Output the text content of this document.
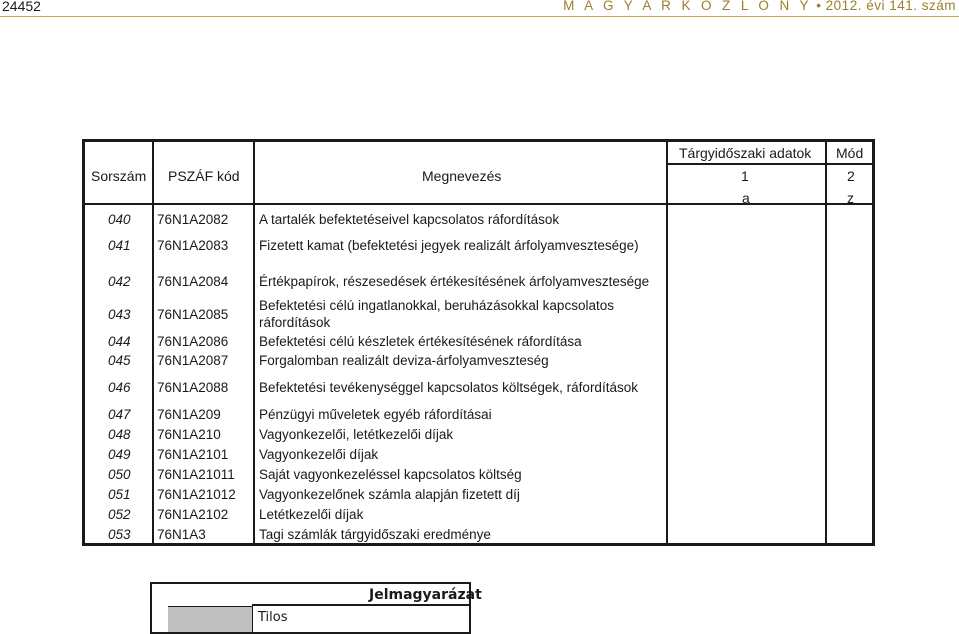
24452	M A G Y A R K Ö Z L Ö N Y • 2012. évi 141. szám
Sorszám PSZÁF kód	Megnevezés
Tárgyidőszaki adatok Mód
1	2
a	z
040 76N1A2082 A tartalék befektetéseivel kapcsolatos ráfordítások
041 76N1A2083 Fizetett kamat (befektetési jegyek realizált árfolyamvesztesége)
042 76N1A2084 Értékpapírok, részesedések értékesítésének árfolyamvesztesége
043 76N1A2085
Befektetési célú ingatlanokkal, beruházásokkal kapcsolatos ráfordítások
044 76N1A2086 Befektetési célú készletek értékesítésének ráfordítása
045 76N1A2087 Forgalomban realizált deviza-árfolyamveszteség
046 76N1A2088 Befektetési tevékenységgel kapcsolatos költségek, ráfordítások
047 76N1A209	Pénzügyi műveletek egyéb ráfordításai
048 76N1A210	Vagyonkezelői, letétkezelői díjak
049 76N1A2101 Vagyonkezelői díjak
050 76N1A21011 Saját vagyonkezeléssel kapcsolatos költség
051 76N1A21012 Vagyonkezelőnek számla alapján fizetett díj
052 76N1A2102 Letétkezelői díjak
053 76N1A3	Tagi számlák tárgyidőszaki eredménye
Jelmagyarázat
Tilos
